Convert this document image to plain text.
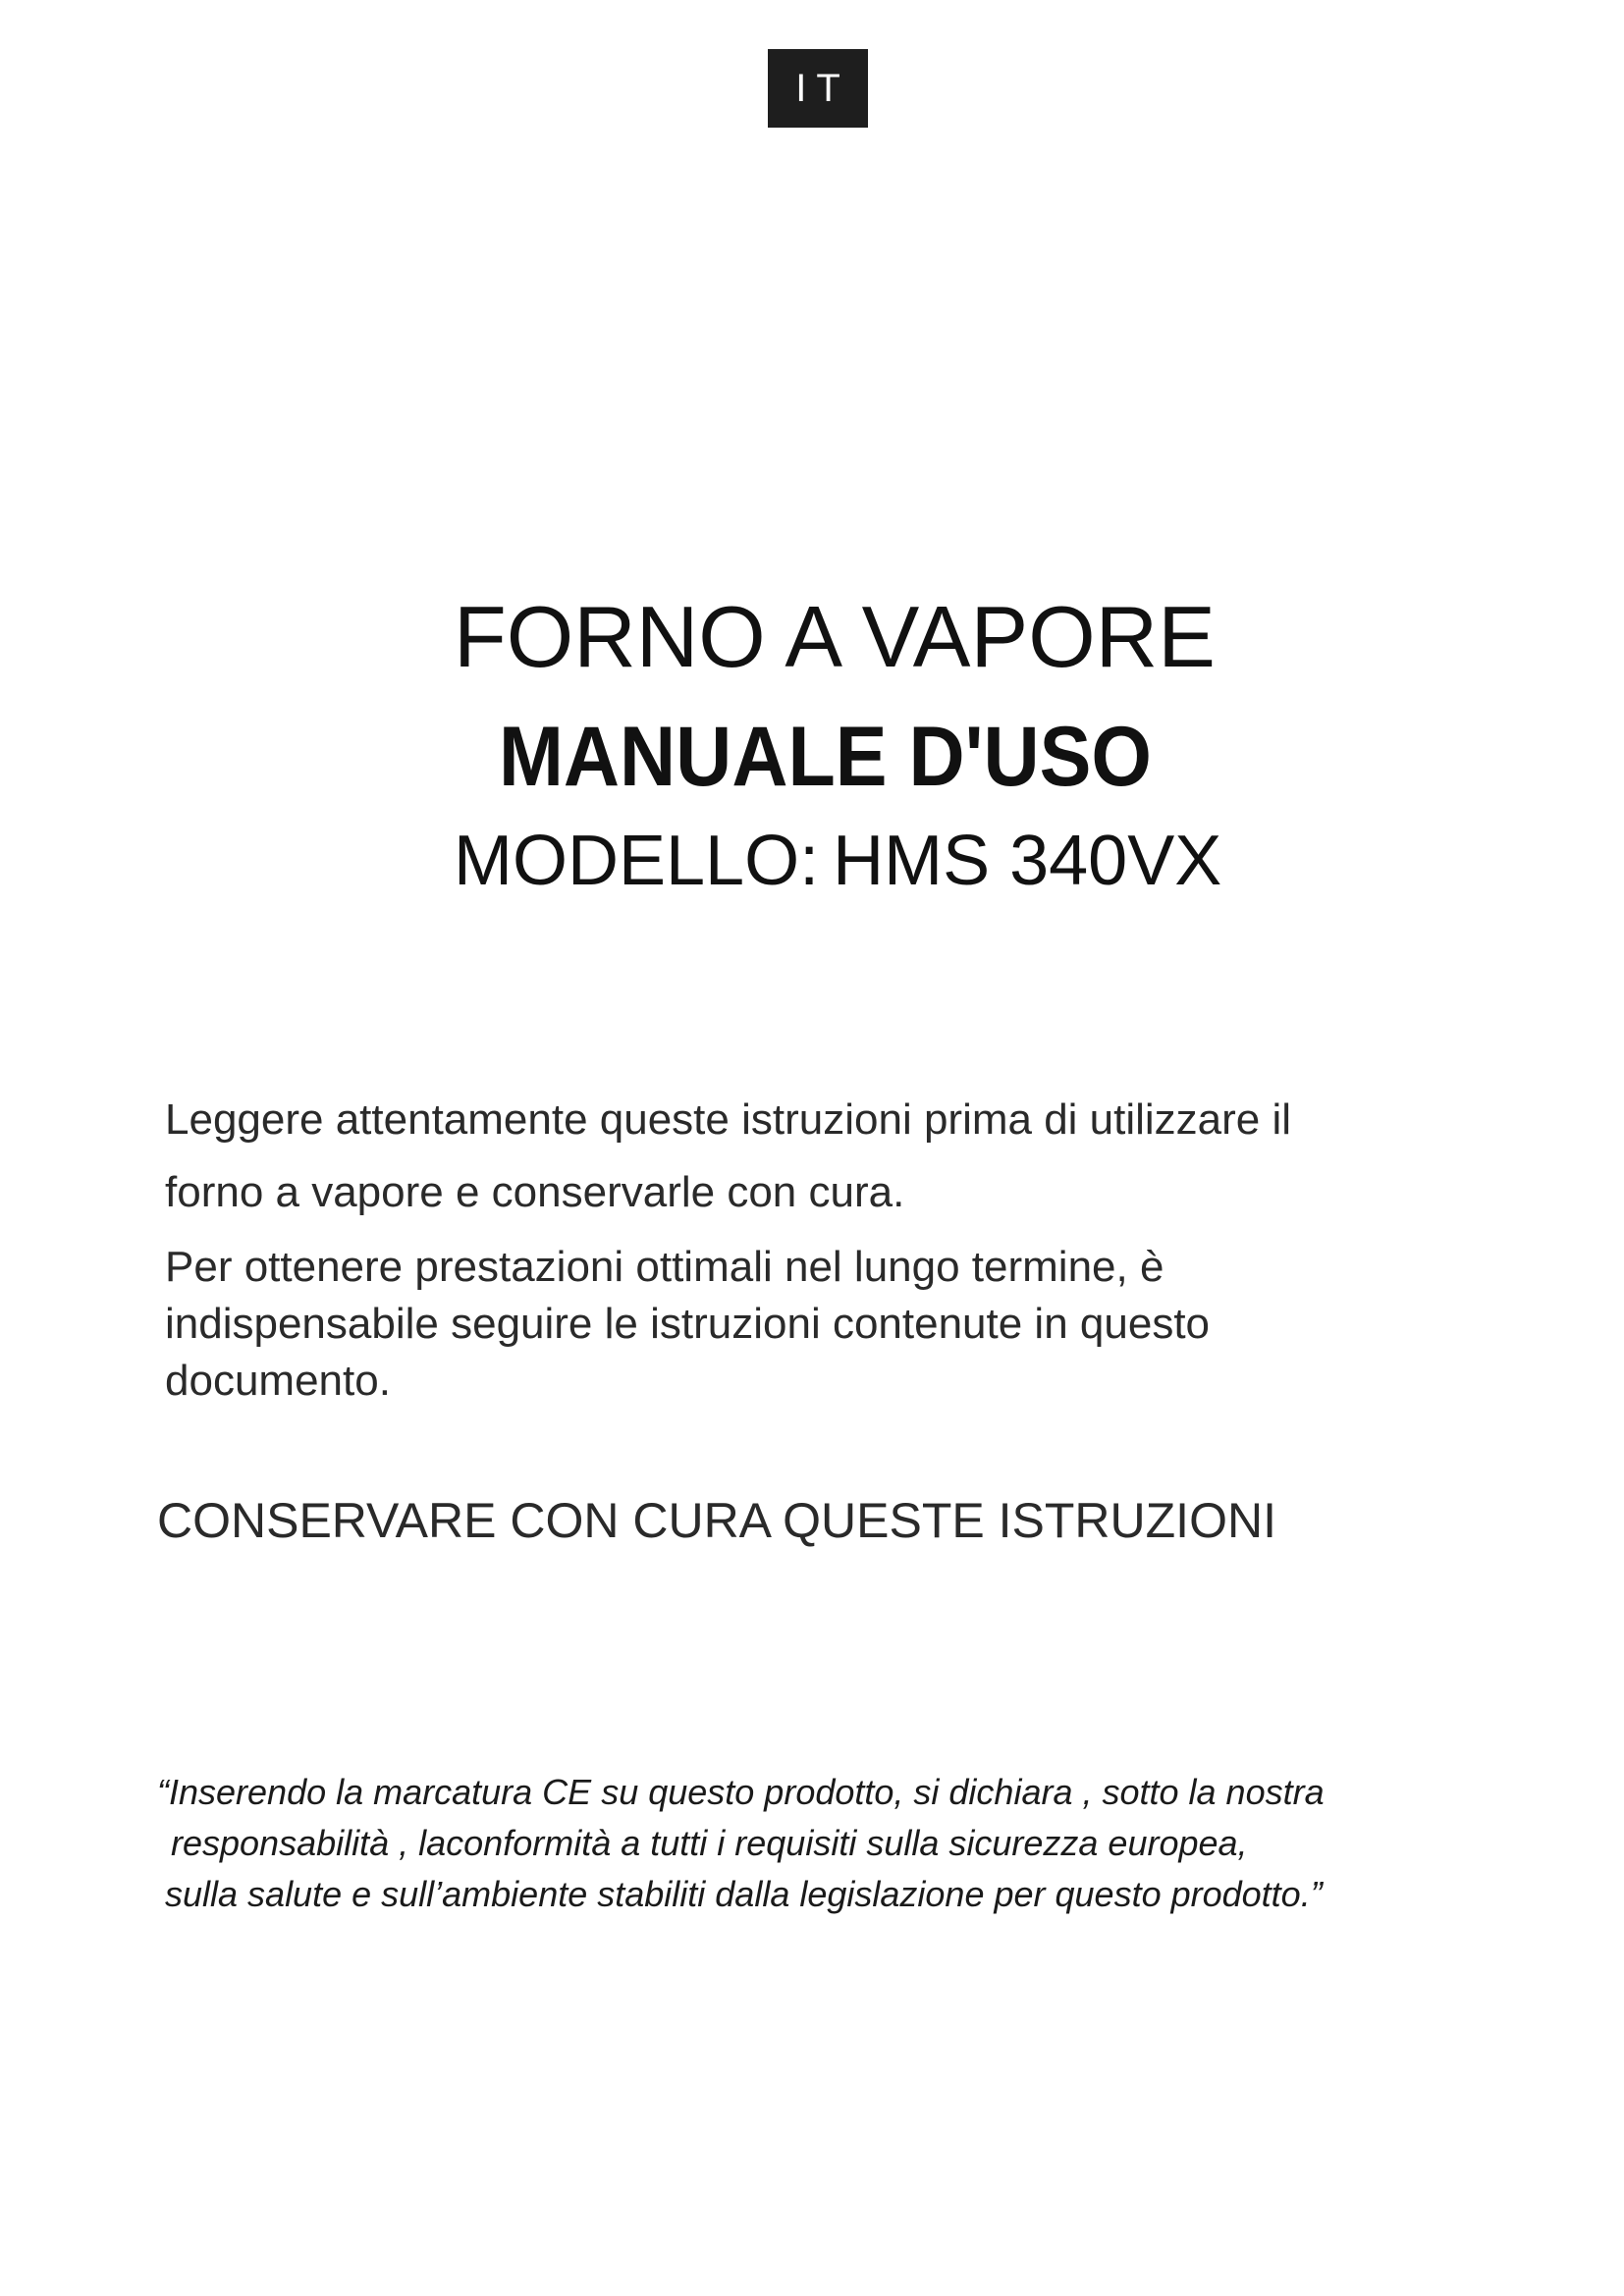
IT
FORNO A VAPORE
MANUALE D'USO
MODELLO: HMS 340VX
Leggere attentamente queste istruzioni prima di utilizzare il
forno a vapore e conservarle con cura.
Per ottenere prestazioni ottimali nel lungo termine, è
indispensabile seguire le istruzioni contenute in questo
documento.
CONSERVARE CON CURA QUESTE ISTRUZIONI
“Inserendo la marcatura CE su questo prodotto, si dichiara , sotto la nostra
responsabilità , laconformità a tutti i requisiti sulla sicurezza europea,
sulla salute e sull’ambiente stabiliti dalla legislazione per questo prodotto.”
